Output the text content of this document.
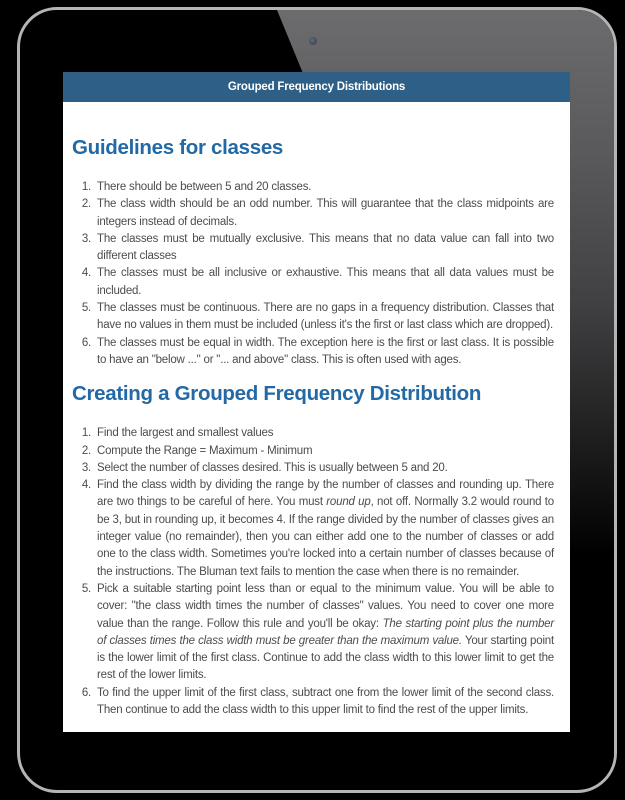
Grouped Frequency Distributions
Guidelines for classes
1. There should be between 5 and 20 classes.
2. The class width should be an odd number. This will guarantee that the class midpoints are integers instead of decimals.
3. The classes must be mutually exclusive. This means that no data value can fall into two different classes
4. The classes must be all inclusive or exhaustive. This means that all data values must be included.
5. The classes must be continuous. There are no gaps in a frequency distribution. Classes that have no values in them must be included (unless it's the first or last class which are dropped).
6. The classes must be equal in width. The exception here is the first or last class. It is possible to have an "below ..." or "... and above" class. This is often used with ages.
Creating a Grouped Frequency Distribution
1. Find the largest and smallest values
2. Compute the Range = Maximum - Minimum
3. Select the number of classes desired. This is usually between 5 and 20.
4. Find the class width by dividing the range by the number of classes and rounding up. There are two things to be careful of here. You must round up, not off. Normally 3.2 would round to be 3, but in rounding up, it becomes 4. If the range divided by the number of classes gives an integer value (no remainder), then you can either add one to the number of classes or add one to the class width. Sometimes you're locked into a certain number of classes because of the instructions. The Bluman text fails to mention the case when there is no remainder.
5. Pick a suitable starting point less than or equal to the minimum value. You will be able to cover: "the class width times the number of classes" values. You need to cover one more value than the range. Follow this rule and you'll be okay: The starting point plus the number of classes times the class width must be greater than the maximum value. Your starting point is the lower limit of the first class. Continue to add the class width to this lower limit to get the rest of the lower limits.
6. To find the upper limit of the first class, subtract one from the lower limit of the second class. Then continue to add the class width to this upper limit to find the rest of the upper limits.
